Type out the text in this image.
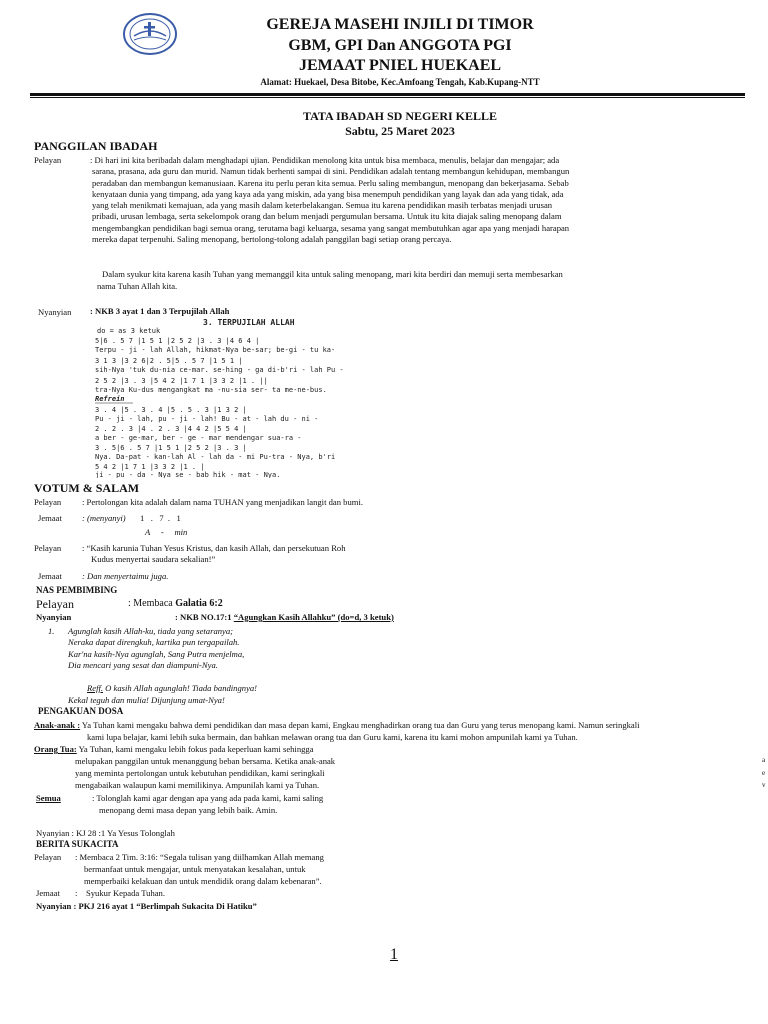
GEREJA MASEHI INJILI DI TIMOR
GBM, GPI Dan ANGGOTA PGI
JEMAAT PNIEL HUEKAEL
Alamat: Huekael, Desa Bitobe, Kec.Amfoang Tengah, Kab.Kupang-NTT
TATA IBADAH SD NEGERI KELLE
Sabtu, 25 Maret 2023
PANGGILAN IBADAH
Pelayan	: Di hari ini kita beribadah dalam menghadapi ujian. Pendidikan menolong kita untuk bisa membaca, menulis, belajar dan mengajar; ada
sarana, prasana, ada guru dan murid. Namun tidak berhenti sampai di sini. Pendidikan adalah tentang membangun kehidupan, membangun
peradaban dan membangun kemanusiaan. Karena itu perlu peran kita semua. Perlu saling membangun, menopang dan bekerjasama. Sebab
kenyataan dunia yang timpang, ada yang kaya ada yang miskin, ada yang bisa menempuh pendidikan yang layak dan ada yang tidak, ada
yang telah menikmati kemajuan, ada yang masih dalam keterbelakangan. Semua itu karena pendidikan masih terbatas menjadi urusan
pribadi, urusan lembaga, serta sekelompok orang dan belum menjadi pergumulan bersama. Untuk itu kita diajak saling menopang dalam
mengembangkan pendidikan bagi semua orang, terutama bagi keluarga, sesama yang sangat membutuhkan agar apa yang menjadi harapan
mereka dapat terpenuhi. Saling menopang, bertolong-tolong adalah panggilan bagi setiap orang percaya.
Dalam syukur kita karena kasih Tuhan yang memanggil kita untuk saling menopang, mari kita berdiri dan memuji serta membesarkan
nama Tuhan Allah kita.
Nyanyian : NKB 3 ayat 1 dan 3 Terpujilah Allah
3. TERPUJILAH ALLAH
do = as 3 ketuk
5|6 . 5 7 |1 5 1 |2 5 2 |3 . 3 |4 6 4 |
Terpu - ji - lah Allah, hikmat-Nya be-sar; be-gi - tu ka-
3 1 3 |3 2 6|2 . 5|5 . 5 7 |1 5 1 |
sih-Nya 'tuk du-nia ce-mar. se-hing - ga di-b'ri - lah Pu -
2 5 2 |3 . 3 |5 4 2 |1 7 1 |3 3 2 |1 . ||
tra-Nya Ku-dus mengangkat ma -nu-sia ser- ta me-ne-bus.
Refrein
3 . 4 |5 . 3 . 4 |5 . 5 . 3 |1 3 2 |
Pu - ji - lah, pu - ji - lah! Bu - at - lah du - ni -
2 . 2 . 3 |4 . 2 . 3 |4 4 2 |5 5 4 |
a ber - ge-mar, ber - ge - mar mendengar sua-ra -
3 . 5|6 . 5 7 |1 5 1 |2 5 2 |3 . 3 |
Nya. Da-pat - kan-lah Al - lah da - mi Pu-tra - Nya, b'ri
5 4 2 |1 7 1 |3 3 2 |1 . |
ji - pu - da - Nya se - bab hik - mat - Nya.
VOTUM & SALAM
Pelayan : Pertolongan kita adalah dalam nama TUHAN yang menjadikan langit dan bumi.
Jemaat : (menyanyi) 1   .   7  .   1
A     -     min
Pelayan : “Kasih karunia Tuhan Yesus Kristus, dan kasih Allah, dan persekutuan Roh
Kudus menyertai saudara sekalian!”
Jemaat : Dan menyertaimu juga.
NAS PEMBIMBING
Pelayan	: Membaca Galatia 6:2
Nyanyian	: NKB NO.17:1 “Agungkan Kasih Allahku” (do=d, 3 ketuk)
1. Agunglah kasih Allah-ku, tiada yang setaranya;
Neraka dapat direngkuh, kartika pun tergapailah.
Kar'na kasih-Nya agunglah, Sang Putra menjelma,
Dia mencari yang sesat dan diampuni-Nya.
Reff. O kasih Allah agunglah! Tiada bandingnya!
Kekal teguh dan mulia! Dijunjung umat-Nya!
PENGAKUAN DOSA
Anak-anak : Ya Tuhan kami mengaku bahwa demi pendidikan dan masa depan kami, Engkau menghadirkan orang tua dan Guru yang terus menopang kami. Namun seringkali
kami lupa belajar, kami lebih suka bermain, dan bahkan melawan orang tua dan Guru kami, karena itu kami mohon ampunilah kami ya Tuhan.
Orang Tua: Ya Tuhan, kami mengaku lebih fokus pada keperluan kami sehingga
melupakan panggilan untuk menanggung beban bersama. Ketika anak-anak
yang meminta pertolongan untuk kebutuhan pendidikan, kami seringkali
mengabaikan walaupun kami memilikinya. Ampunilah kami ya Tuhan.
Semua	: Tolonglah kami agar dengan apa yang ada pada kami, kami saling
menopang demi masa depan yang lebih baik. Amin.
Nyanyian : KJ 28 :1 Ya Yesus Tolonglah
BERITA SUKACITA
Pelayan : Membaca 2 Tim. 3:16: “Segala tulisan yang diilhamkan Allah memang
bermanfaat untuk mengajar, untuk menyatakan kesalahan, untuk
memperbaiki kelakuan dan untuk mendidik orang dalam kebenaran”.
Jemaat :    Syukur Kepada Tuhan.
Nyanyian : PKJ 216 ayat 1 “Berlimpah Sukacita Di Hatiku”
1
a
e
v
